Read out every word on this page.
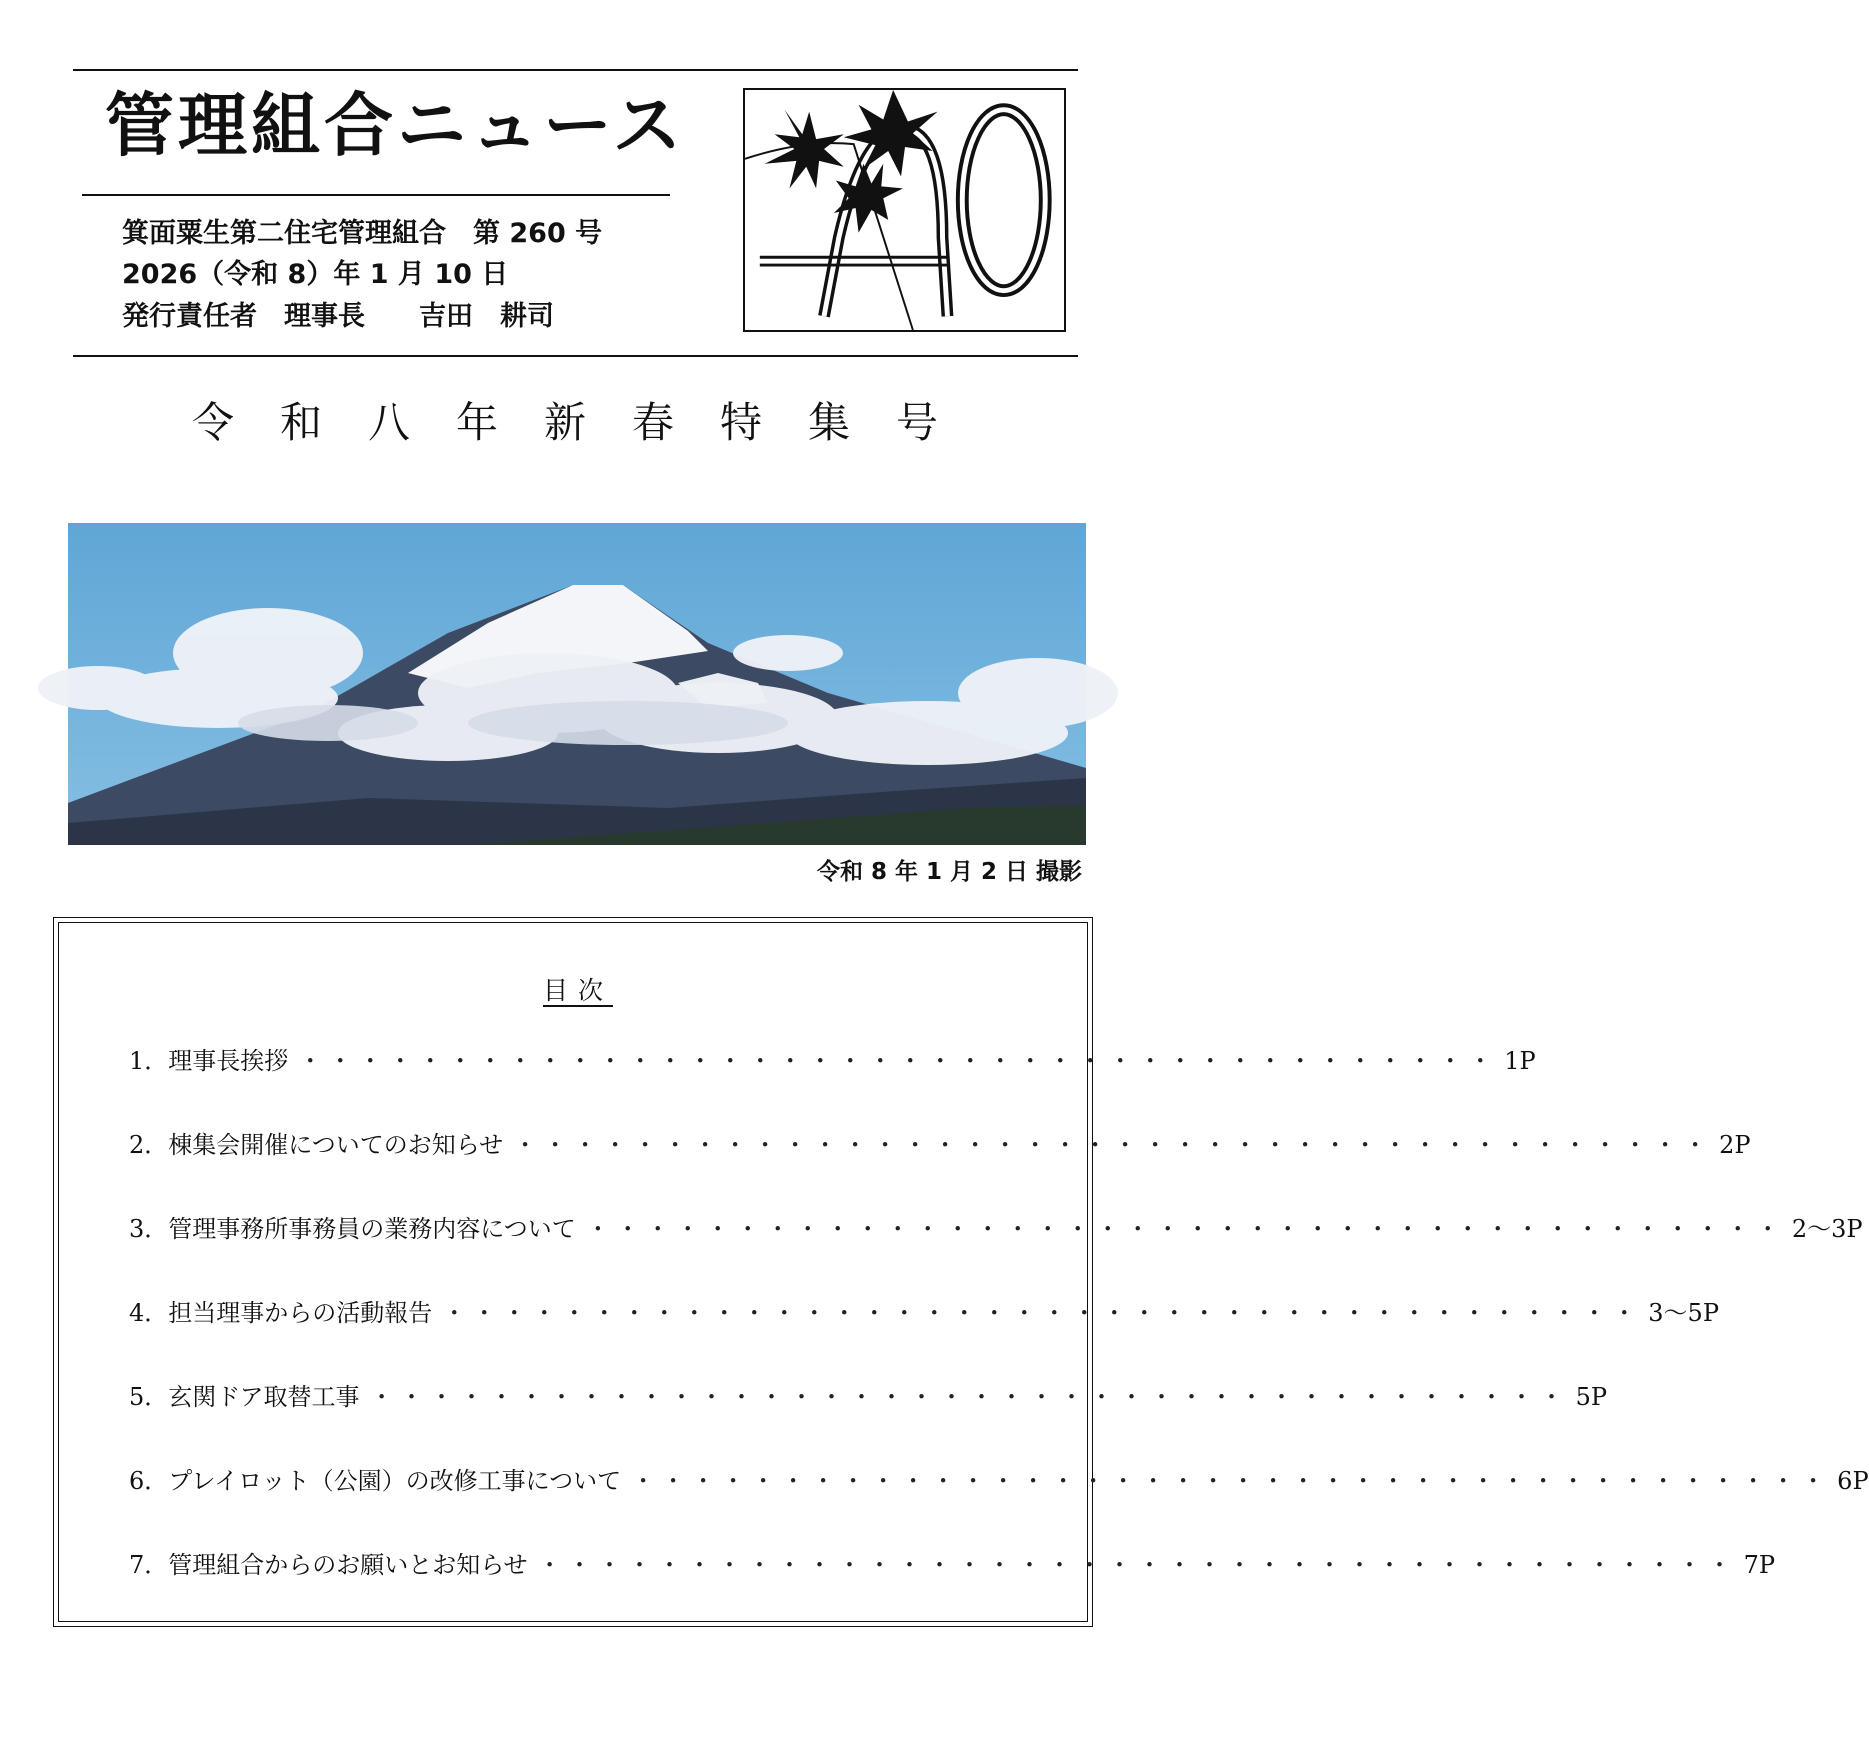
管理組合ニュース
箕面粟生第二住宅管理組合　第 260 号
2026（令和 8）年 1 月 10 日
発行責任者　理事長　　吉田　耕司
令和八年新春特集号
令和 8 年 1 月 2 日 撮影
目次
1． 理事長挨拶 ・・・・・・・・・・・・・・・・・・・・・・・・・・・・・・・・・・・・・・・・ 1P
2． 棟集会開催についてのお知らせ ・・・・・・・・・・・・・・・・・・・・・・・・・・・・・・・・・・・・・・・・ 2P
3． 管理事務所事務員の業務内容について ・・・・・・・・・・・・・・・・・・・・・・・・・・・・・・・・・・・・・・・・ 2～3P
4． 担当理事からの活動報告 ・・・・・・・・・・・・・・・・・・・・・・・・・・・・・・・・・・・・・・・・ 3～5P
5． 玄関ドア取替工事 ・・・・・・・・・・・・・・・・・・・・・・・・・・・・・・・・・・・・・・・・ 5P
6． プレイロット（公園）の改修工事について ・・・・・・・・・・・・・・・・・・・・・・・・・・・・・・・・・・・・・・・・ 6P
7． 管理組合からのお願いとお知らせ ・・・・・・・・・・・・・・・・・・・・・・・・・・・・・・・・・・・・・・・・ 7P
